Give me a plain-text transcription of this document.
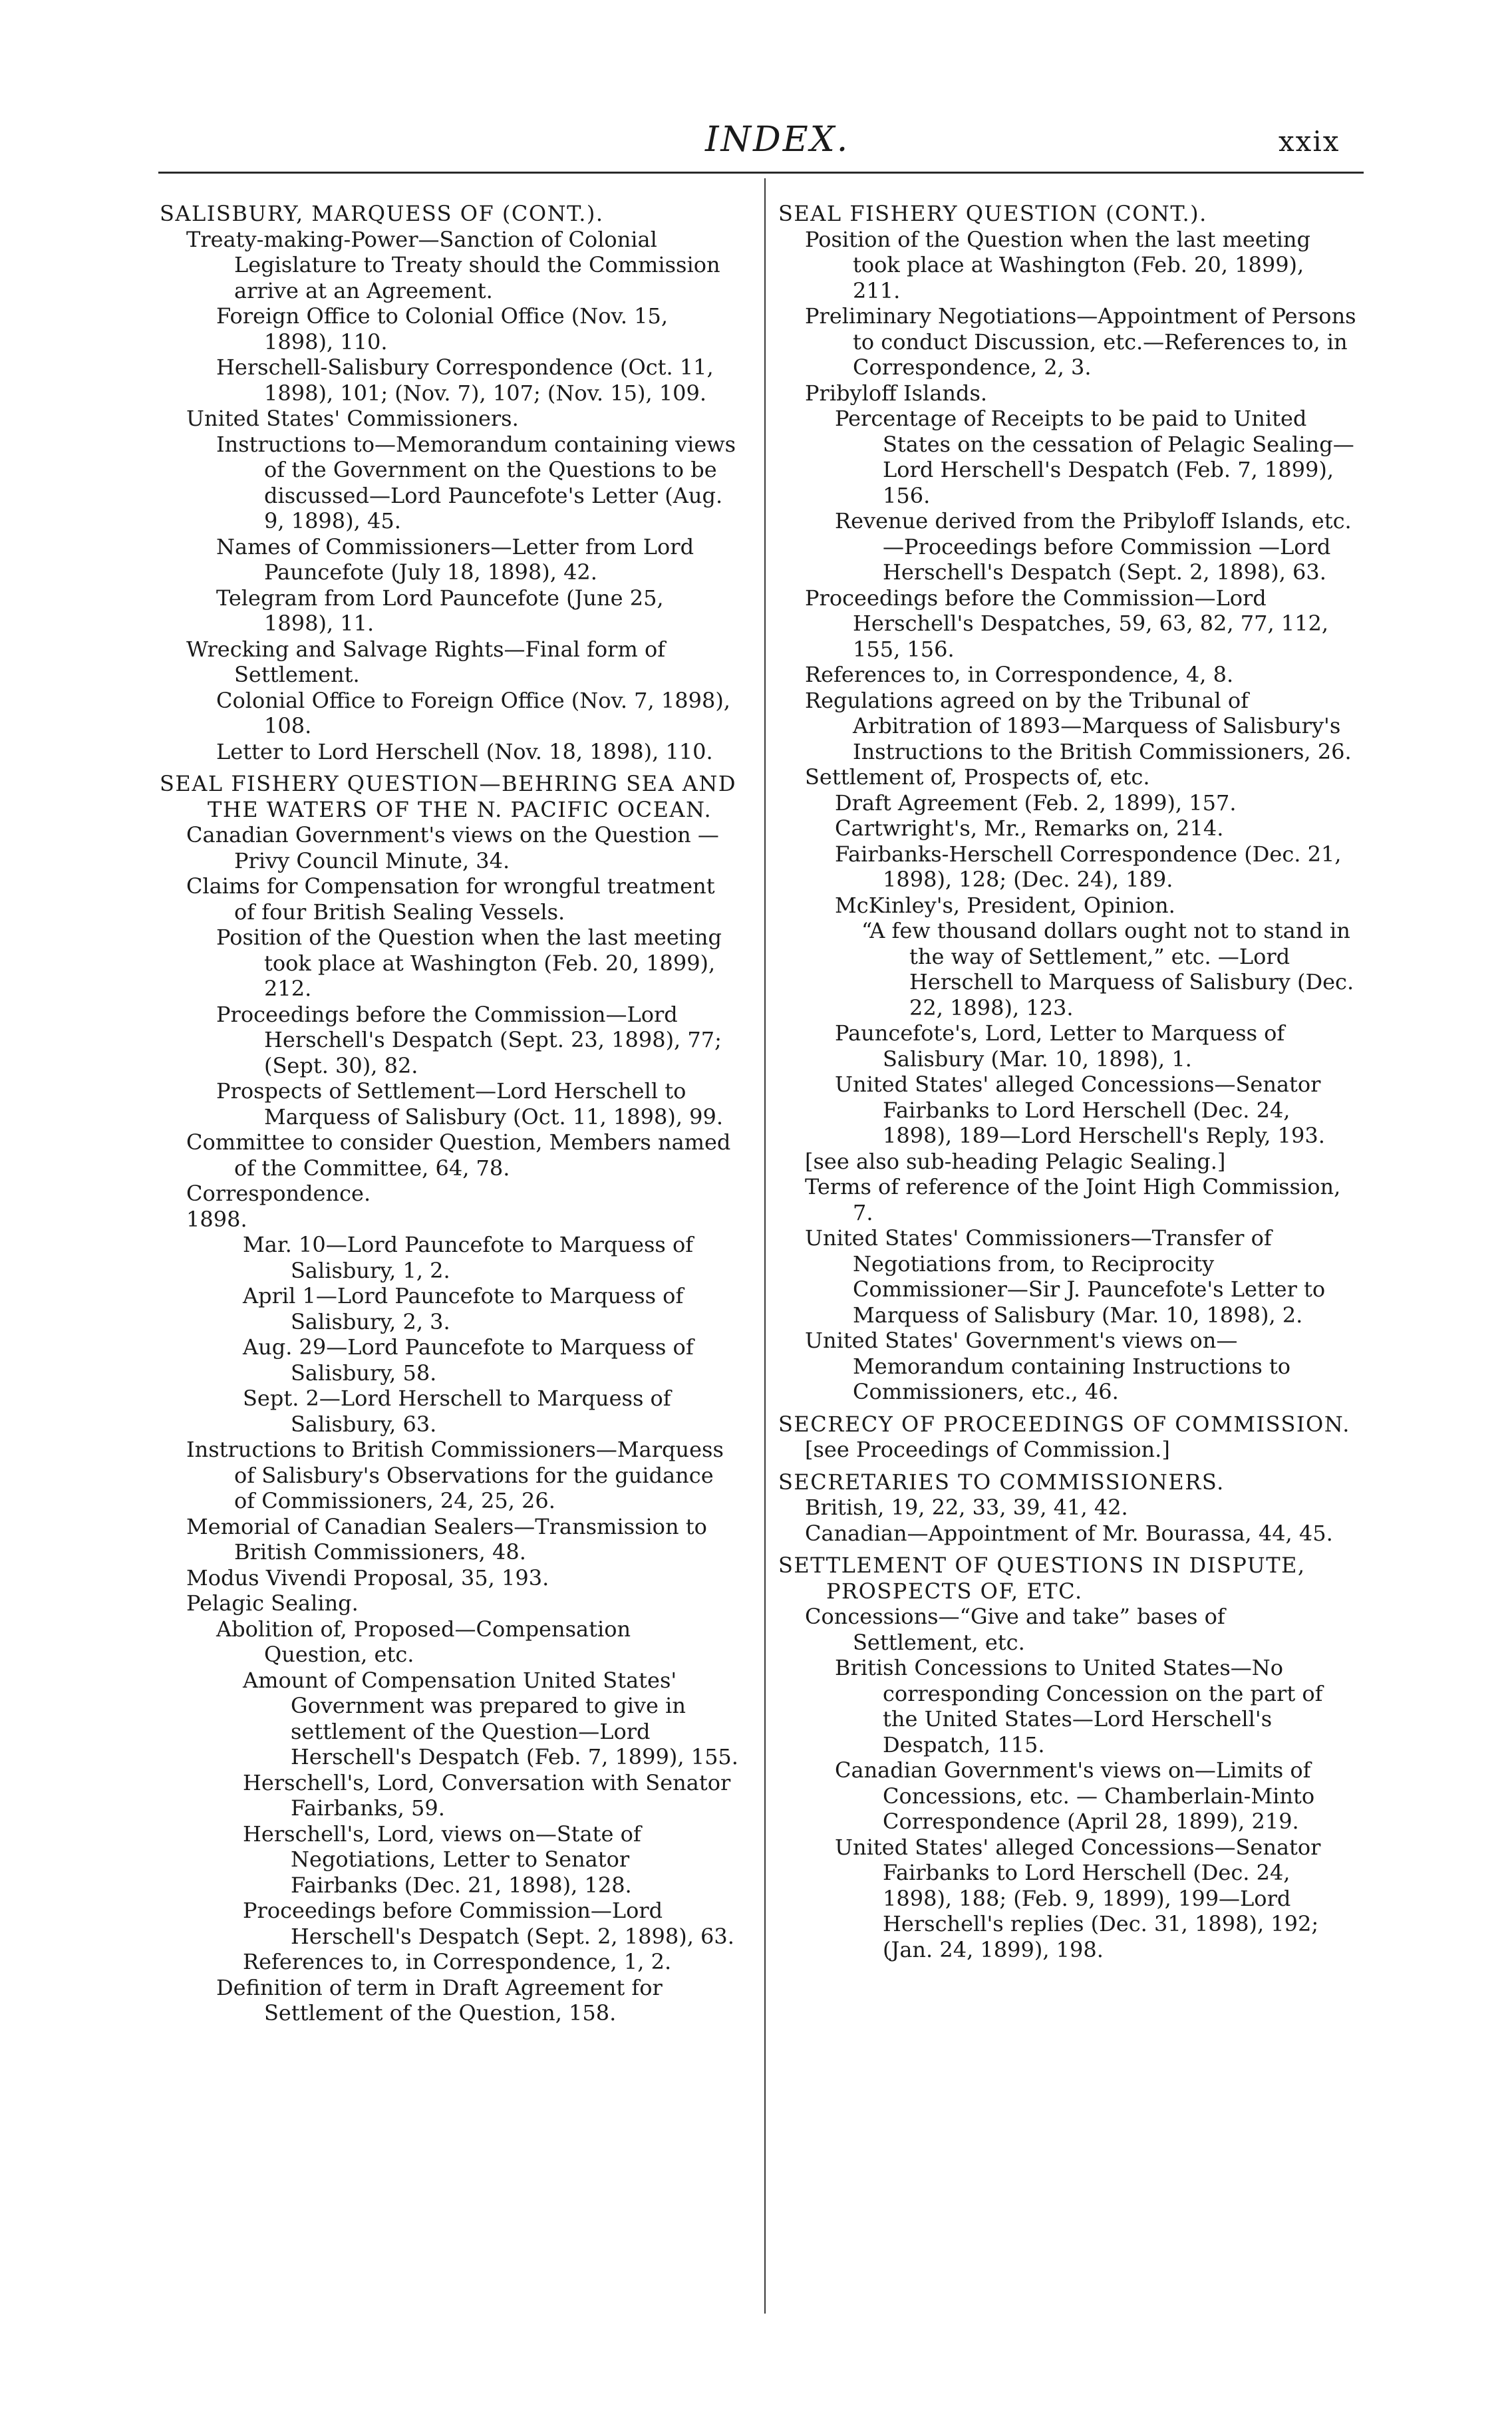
INDEX.	xxix
SALISBURY, MARQUESS OF (CONT.).
Treaty-making-Power—Sanction of Colonial Legislature to Treaty should the Commission arrive at an Agreement.
Foreign Office to Colonial Office (Nov. 15, 1898), 110.
Herschell-Salisbury Correspondence (Oct. 11, 1898), 101; (Nov. 7), 107; (Nov. 15), 109.
United States' Commissioners.
Instructions to—Memorandum containing views of the Government on the Questions to be discussed—Lord Pauncefote's Letter (Aug. 9, 1898), 45.
Names of Commissioners—Letter from Lord Pauncefote (July 18, 1898), 42.
Telegram from Lord Pauncefote (June 25, 1898), 11.
Wrecking and Salvage Rights—Final form of Settlement.
Colonial Office to Foreign Office (Nov. 7, 1898), 108.
Letter to Lord Herschell (Nov. 18, 1898), 110.
SEAL FISHERY QUESTION—BEHRING SEA AND THE WATERS OF THE N. PACIFIC OCEAN.
Canadian Government's views on the Question —Privy Council Minute, 34.
Claims for Compensation for wrongful treatment of four British Sealing Vessels.
Position of the Question when the last meeting took place at Washington (Feb. 20, 1899), 212.
Proceedings before the Commission—Lord Herschell's Despatch (Sept. 23, 1898), 77; (Sept. 30), 82.
Prospects of Settlement—Lord Herschell to Marquess of Salisbury (Oct. 11, 1898), 99.
Committee to consider Question, Members named of the Committee, 64, 78.
Correspondence.
1898.
Mar. 10—Lord Pauncefote to Marquess of Salisbury, 1, 2.
April 1—Lord Pauncefote to Marquess of Salisbury, 2, 3.
Aug. 29—Lord Pauncefote to Marquess of Salisbury, 58.
Sept. 2—Lord Herschell to Marquess of Salisbury, 63.
Instructions to British Commissioners—Marquess of Salisbury's Observations for the guidance of Commissioners, 24, 25, 26.
Memorial of Canadian Sealers—Transmission to British Commissioners, 48.
Modus Vivendi Proposal, 35, 193.
Pelagic Sealing.
Abolition of, Proposed—Compensation Question, etc.
Amount of Compensation United States' Government was prepared to give in settlement of the Question—Lord Herschell's Despatch (Feb. 7, 1899), 155.
Herschell's, Lord, Conversation with Senator Fairbanks, 59.
Herschell's, Lord, views on—State of Negotiations, Letter to Senator Fairbanks (Dec. 21, 1898), 128.
Proceedings before Commission—Lord Herschell's Despatch (Sept. 2, 1898), 63.
References to, in Correspondence, 1, 2.
Definition of term in Draft Agreement for Settlement of the Question, 158.
SEAL FISHERY QUESTION (CONT.).
Position of the Question when the last meeting took place at Washington (Feb. 20, 1899), 211.
Preliminary Negotiations—Appointment of Persons to conduct Discussion, etc.—References to, in Correspondence, 2, 3.
Pribyloff Islands.
Percentage of Receipts to be paid to United States on the cessation of Pelagic Sealing—Lord Herschell's Despatch (Feb. 7, 1899), 156.
Revenue derived from the Pribyloff Islands, etc.—Proceedings before Commission —Lord Herschell's Despatch (Sept. 2, 1898), 63.
Proceedings before the Commission—Lord Herschell's Despatches, 59, 63, 82, 77, 112, 155, 156.
References to, in Correspondence, 4, 8.
Regulations agreed on by the Tribunal of Arbitration of 1893—Marquess of Salisbury's Instructions to the British Commissioners, 26.
Settlement of, Prospects of, etc.
Draft Agreement (Feb. 2, 1899), 157.
Cartwright's, Mr., Remarks on, 214.
Fairbanks-Herschell Correspondence (Dec. 21, 1898), 128; (Dec. 24), 189.
McKinley's, President, Opinion.
“A few thousand dollars ought not to stand in the way of Settlement,” etc. —Lord Herschell to Marquess of Salisbury (Dec. 22, 1898), 123.
Pauncefote's, Lord, Letter to Marquess of Salisbury (Mar. 10, 1898), 1.
United States' alleged Concessions—Senator Fairbanks to Lord Herschell (Dec. 24, 1898), 189—Lord Herschell's Reply, 193.
[see also sub-heading Pelagic Sealing.]
Terms of reference of the Joint High Commission, 7.
United States' Commissioners—Transfer of Negotiations from, to Reciprocity Commissioner—Sir J. Pauncefote's Letter to Marquess of Salisbury (Mar. 10, 1898), 2.
United States' Government's views on—Memorandum containing Instructions to Commissioners, etc., 46.
SECRECY OF PROCEEDINGS OF COMMISSION.
[see Proceedings of Commission.]
SECRETARIES TO COMMISSIONERS.
British, 19, 22, 33, 39, 41, 42.
Canadian—Appointment of Mr. Bourassa, 44, 45.
SETTLEMENT OF QUESTIONS IN DISPUTE, PROSPECTS OF, ETC.
Concessions—“Give and take” bases of Settlement, etc.
British Concessions to United States—No corresponding Concession on the part of the United States—Lord Herschell's Despatch, 115.
Canadian Government's views on—Limits of Concessions, etc. — Chamberlain-Minto Correspondence (April 28, 1899), 219.
United States' alleged Concessions—Senator Fairbanks to Lord Herschell (Dec. 24, 1898), 188; (Feb. 9, 1899), 199—Lord Herschell's replies (Dec. 31, 1898), 192; (Jan. 24, 1899), 198.
